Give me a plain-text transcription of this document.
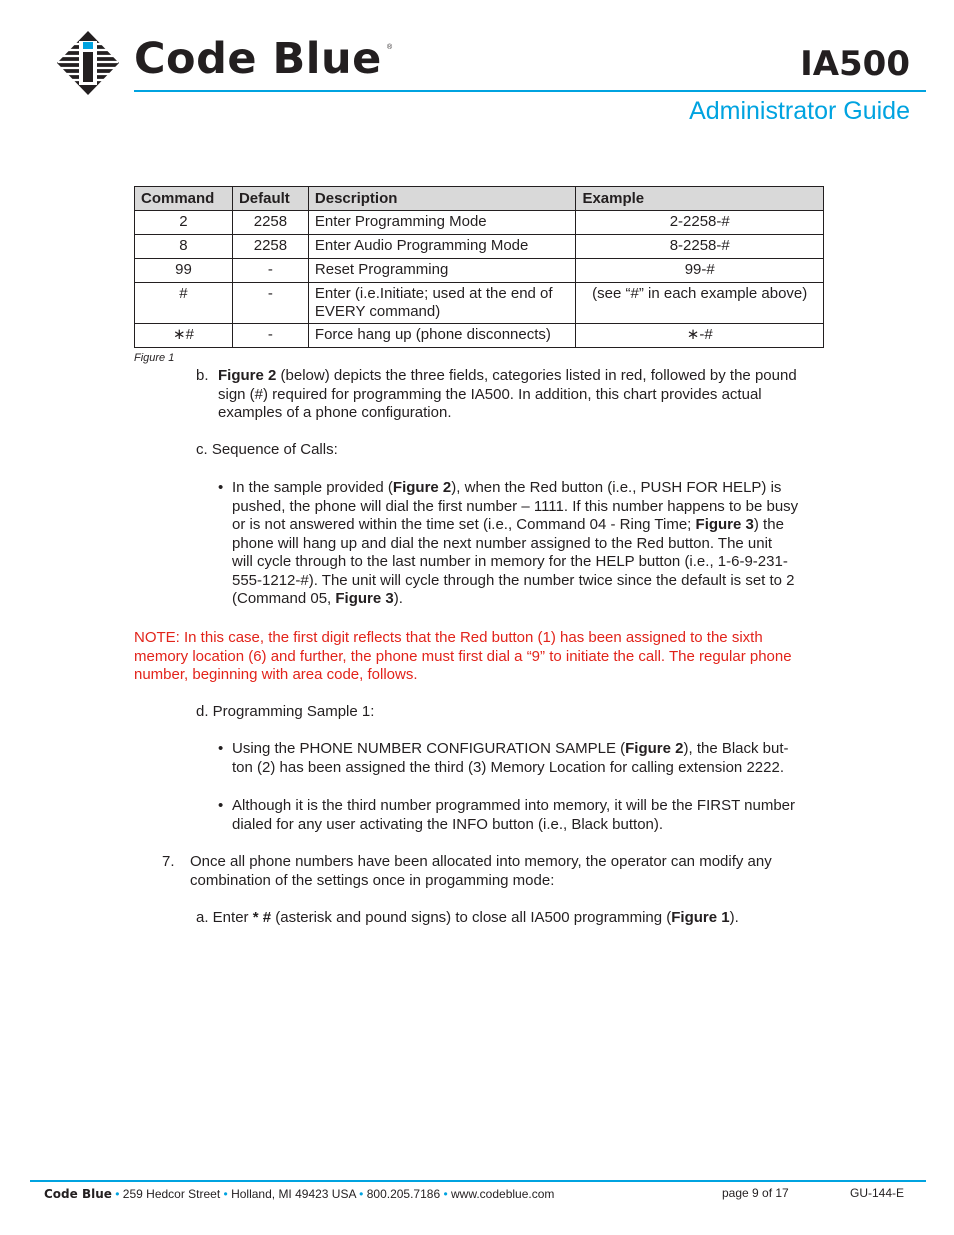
Code Blue ®	IA500
Administrator Guide
Command	Default	Description	Example
2	2258	Enter Programming Mode	2-2258-#
8	2258	Enter Audio Programming Mode	8-2258-#
99	-	Reset Programming	99-#
#	-	Enter (i.e.Initiate; used at the end of EVERY command)	(see “#” in each example above)
∗#	-	Force hang up (phone disconnects)	∗-#
Figure 1
b. Figure 2 (below) depicts the three fields, categories listed in red, followed by the pound
sign (#) required for programming the IA500. In addition, this chart provides actual
examples of a phone configuration.
c. Sequence of Calls:
• In the sample provided (Figure 2), when the Red button (i.e., PUSH FOR HELP) is
pushed, the phone will dial the first number – 1111. If this number happens to be busy
or is not answered within the time set (i.e., Command 04 - Ring Time; Figure 3) the
phone will hang up and dial the next number assigned to the Red button. The unit
will cycle through to the last number in memory for the HELP button (i.e., 1-6-9-231-
555-1212-#). The unit will cycle through the number twice since the default is set to 2
(Command 05, Figure 3).
NOTE: In this case, the first digit reflects that the Red button (1) has been assigned to the sixth
memory location (6) and further, the phone must first dial a “9” to initiate the call. The regular phone
number, beginning with area code, follows.
d. Programming Sample 1:
• Using the PHONE NUMBER CONFIGURATION SAMPLE (Figure 2), the Black but-
ton (2) has been assigned the third (3) Memory Location for calling extension 2222.
• Although it is the third number programmed into memory, it will be the FIRST number
dialed for any user activating the INFO button (i.e., Black button).
7. Once all phone numbers have been allocated into memory, the operator can modify any
combination of the settings once in progamming mode:
a. Enter * # (asterisk and pound signs) to close all IA500 programming (Figure 1).
Code Blue • 259 Hedcor Street • Holland, MI 49423 USA • 800.205.7186 • www.codeblue.com	page 9 of 17	GU-144-E
